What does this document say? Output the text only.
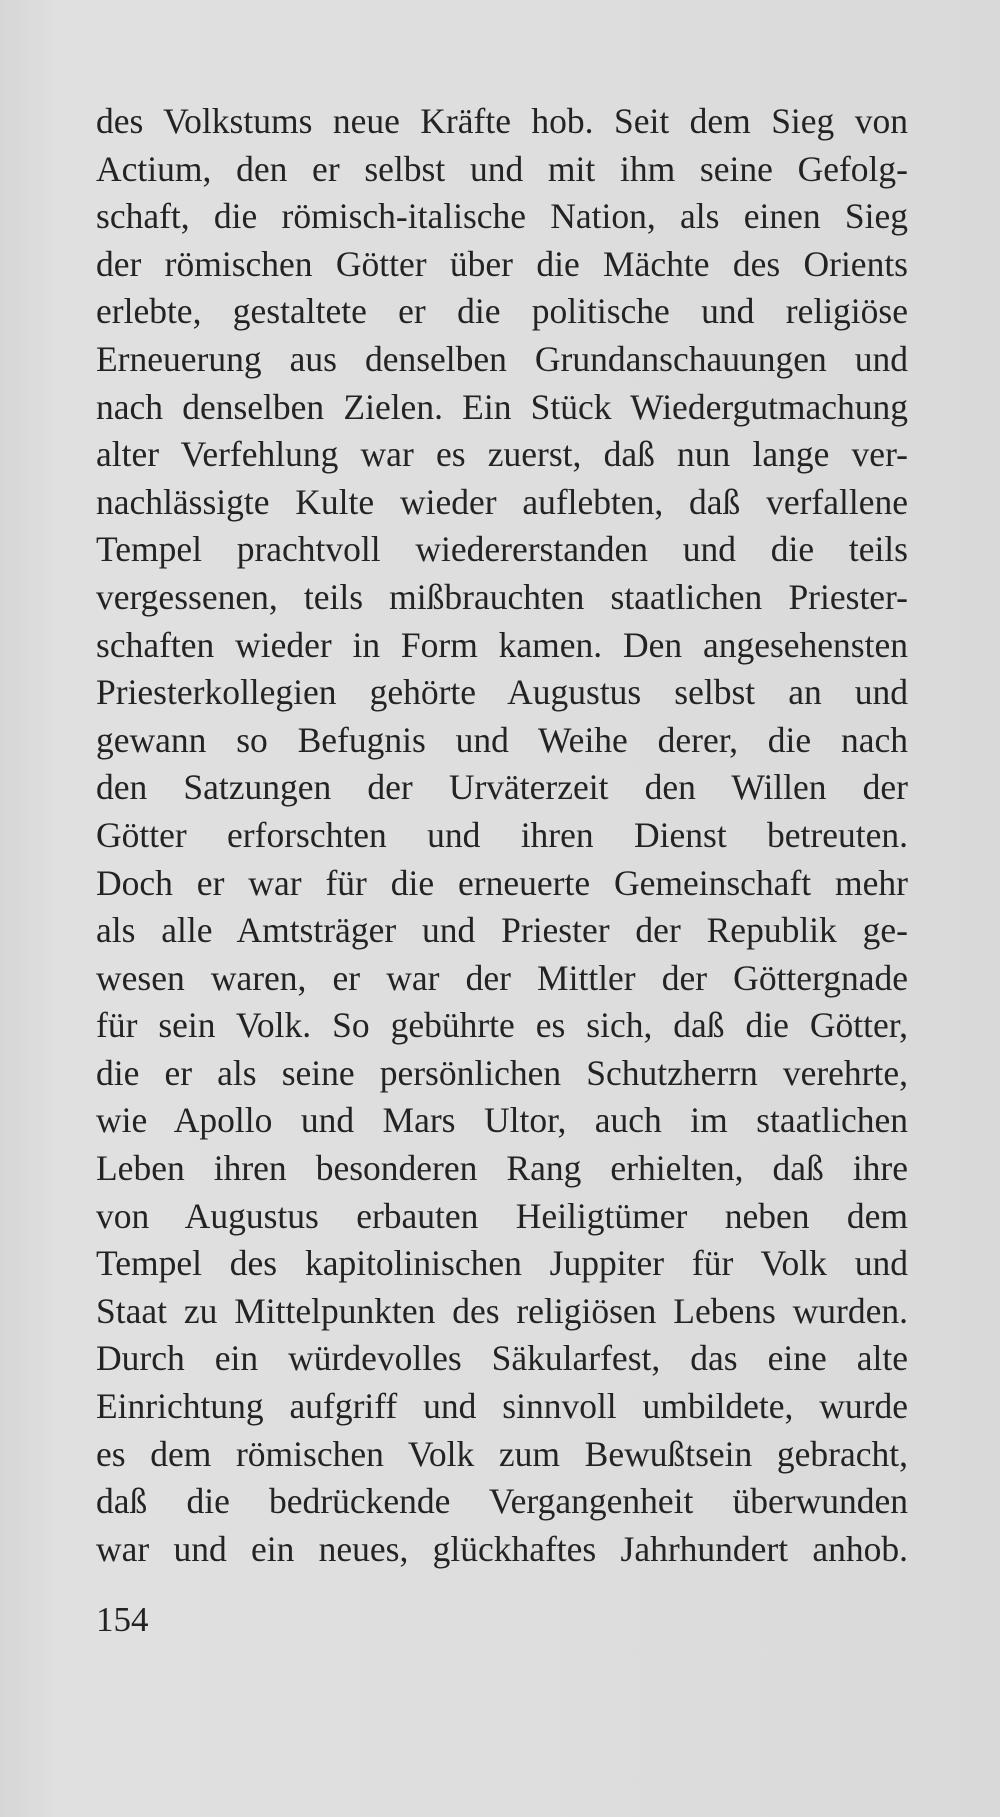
des Volkstums neue Kräfte hob. Seit dem Sieg von
Actium, den er selbst und mit ihm seine Gefolg-
schaft, die römisch-italische Nation, als einen Sieg
der römischen Götter über die Mächte des Orients
erlebte, gestaltete er die politische und religiöse
Erneuerung aus denselben Grundanschauungen und
nach denselben Zielen. Ein Stück Wiedergutmachung
alter Verfehlung war es zuerst, daß nun lange ver-
nachlässigte Kulte wieder auflebten, daß verfallene
Tempel prachtvoll wiedererstanden und die teils
vergessenen, teils mißbrauchten staatlichen Priester-
schaften wieder in Form kamen. Den angesehensten
Priesterkollegien gehörte Augustus selbst an und
gewann so Befugnis und Weihe derer, die nach
den Satzungen der Urväterzeit den Willen der
Götter erforschten und ihren Dienst betreuten.
Doch er war für die erneuerte Gemeinschaft mehr
als alle Amtsträger und Priester der Republik ge-
wesen waren, er war der Mittler der Göttergnade
für sein Volk. So gebührte es sich, daß die Götter,
die er als seine persönlichen Schutzherrn verehrte,
wie Apollo und Mars Ultor, auch im staatlichen
Leben ihren besonderen Rang erhielten, daß ihre
von Augustus erbauten Heiligtümer neben dem
Tempel des kapitolinischen Juppiter für Volk und
Staat zu Mittelpunkten des religiösen Lebens wurden.
Durch ein würdevolles Säkularfest, das eine alte
Einrichtung aufgriff und sinnvoll umbildete, wurde
es dem römischen Volk zum Bewußtsein gebracht,
daß die bedrückende Vergangenheit überwunden
war und ein neues, glückhaftes Jahrhundert anhob.
154
